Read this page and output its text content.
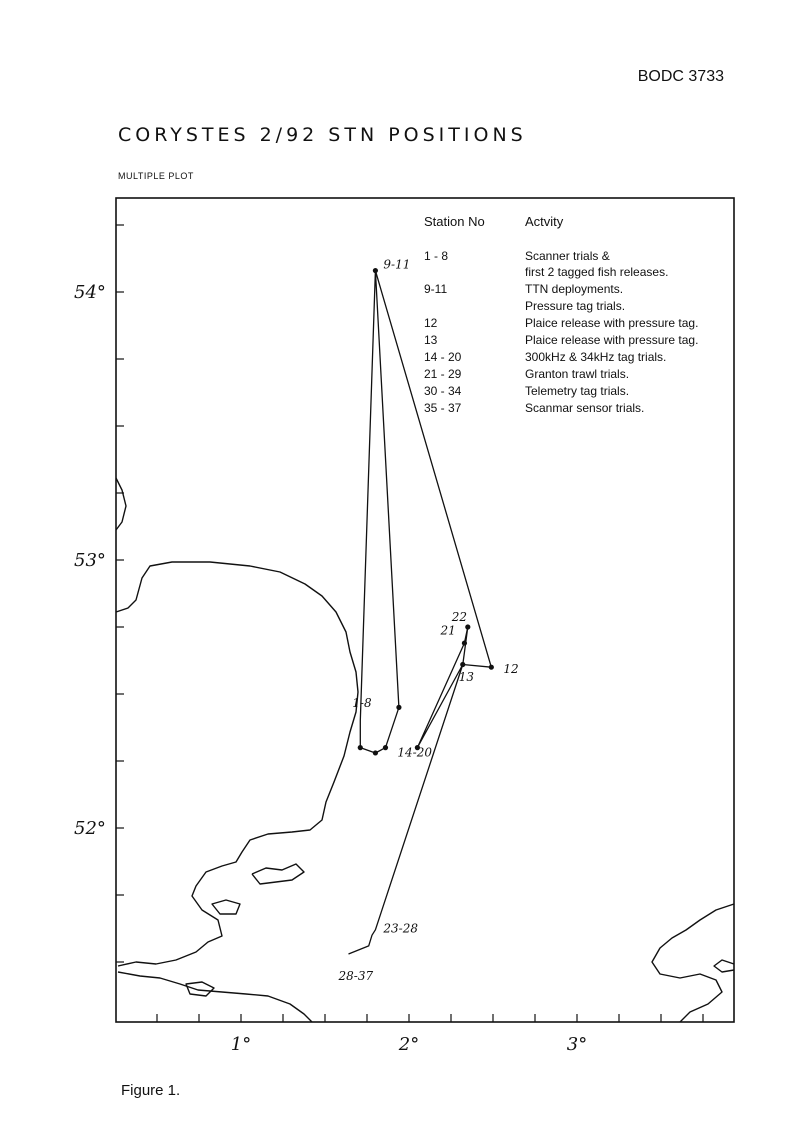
BODC 3733
CORYSTES 2/92 STN POSITIONS
MULTIPLE PLOT
54°
53°
52°
1°	2°	3°
9-11
22
21
13
12
1-8
14-20
23-28
28-37
Station No	Actvity
1 - 8	Scanner trials &
first 2 tagged fish releases.
9-11	TTN deployments.
Pressure tag trials.
12	Plaice release with pressure tag.
13	Plaice release with pressure tag.
14 - 20	300kHz & 34kHz tag trials.
21 - 29	Granton trawl trials.
30 - 34	Telemetry tag trials.
35 - 37	Scanmar sensor trials.
Figure 1.
